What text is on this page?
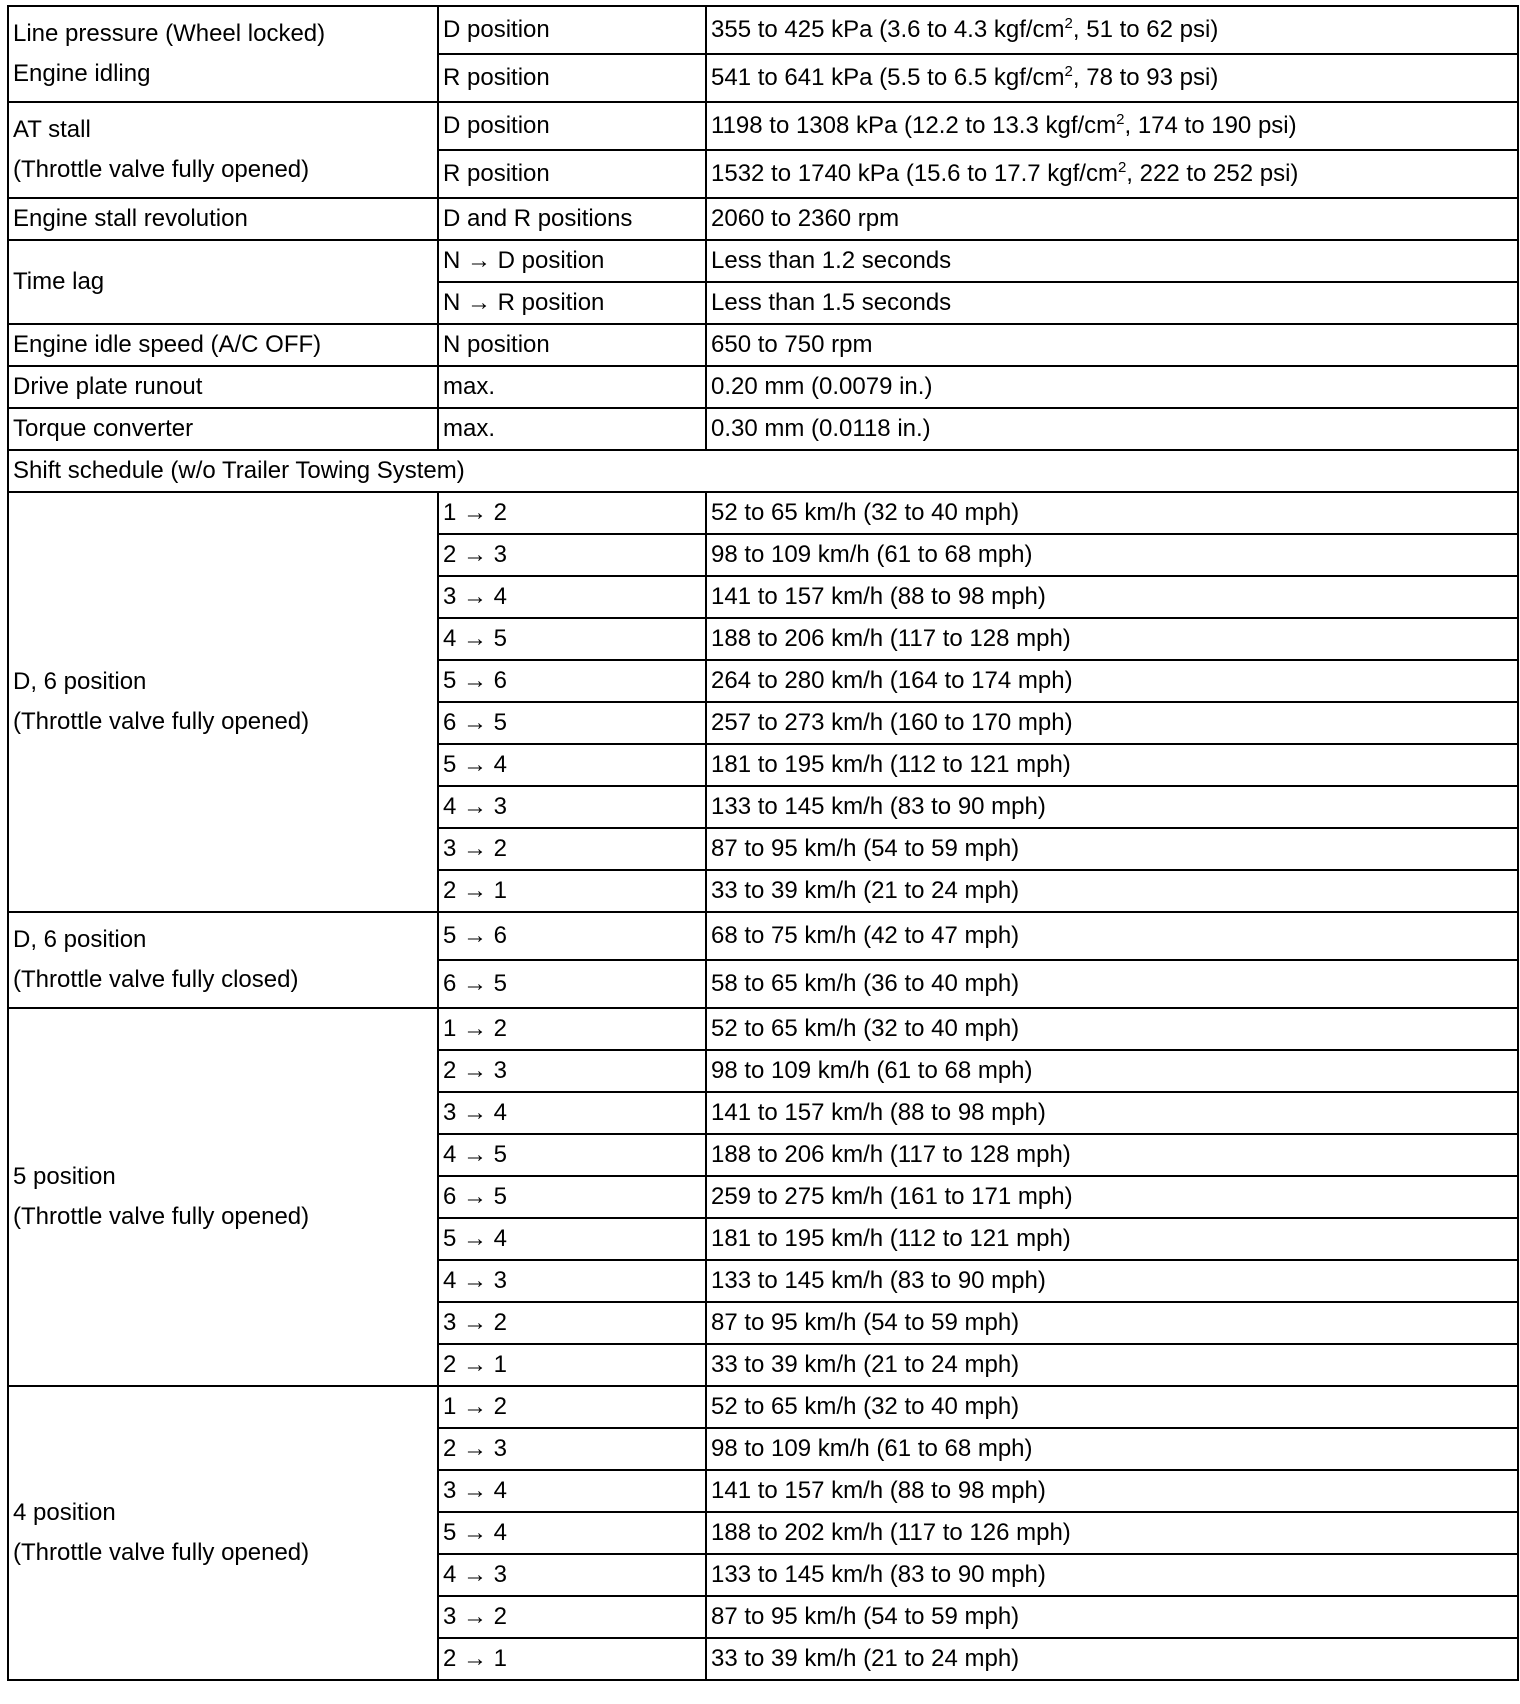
Line pressure (Wheel locked)
Engine idling	D position	355 to 425 kPa (3.6 to 4.3 kgf/$cm^2$, 51 to 62 psi)
	R position	541 to 641 kPa (5.5 to 6.5 kgf/$cm^2$, 78 to 93 psi)

AT stall
(Throttle valve fully opened)	D position	1198 to 1308 kPa (12.2 to 13.3 kgf/$cm^2$, 174 to 190 psi)
	R position	1532 to 1740 kPa (15.6 to 17.7 kgf/$cm^2$, 222 to 252 psi)
Engine stall revolution	D and R positions	2060 to 2360 rpm
Time lag	N → D position	Less than 1.2 seconds
	N → R position	Less than 1.5 seconds
Engine idle speed (A/C OFF)	N position	650 to 750 rpm
Drive plate runout	max.	0.20 mm (0.0079 in.)
Torque converter	max.	0.30 mm (0.0118 in.)
Shift schedule (w/o Trailer Towing System)		

D, 6 position
(Throttle valve fully opened)	1 → 2	52 to 65 km/h (32 to 40 mph)
	2 → 3	98 to 109 km/h (61 to 68 mph)
	3 → 4	141 to 157 km/h (88 to 98 mph)
	4 → 5	188 to 206 km/h (117 to 128 mph)
	5 → 6	264 to 280 km/h (164 to 174 mph)
	6 → 5	257 to 273 km/h (160 to 170 mph)
	5 → 4	181 to 195 km/h (112 to 121 mph)
	4 → 3	133 to 145 km/h (83 to 90 mph)
	3 → 2	87 to 95 km/h (54 to 59 mph)
	2 → 1	33 to 39 km/h (21 to 24 mph)

D, 6 position
(Throttle valve fully closed)	5 → 6	68 to 75 km/h (42 to 47 mph)
	6 → 5	58 to 65 km/h (36 to 40 mph)

5 position
(Throttle valve fully opened)	1 → 2	52 to 65 km/h (32 to 40 mph)
	2 → 3	98 to 109 km/h (61 to 68 mph)
	3 → 4	141 to 157 km/h (88 to 98 mph)
	4 → 5	188 to 206 km/h (117 to 128 mph)
	6 → 5	259 to 275 km/h (161 to 171 mph)
	5 → 4	181 to 195 km/h (112 to 121 mph)
	4 → 3	133 to 145 km/h (83 to 90 mph)
	3 → 2	87 to 95 km/h (54 to 59 mph)
	2 → 1	33 to 39 km/h (21 to 24 mph)

4 position
(Throttle valve fully opened)	1 → 2	52 to 65 km/h (32 to 40 mph)
	2 → 3	98 to 109 km/h (61 to 68 mph)
	3 → 4	141 to 157 km/h (88 to 98 mph)
	5 → 4	188 to 202 km/h (117 to 126 mph)
	4 → 3	133 to 145 km/h (83 to 90 mph)
	3 → 2	87 to 95 km/h (54 to 59 mph)
	2 → 1	33 to 39 km/h (21 to 24 mph)
